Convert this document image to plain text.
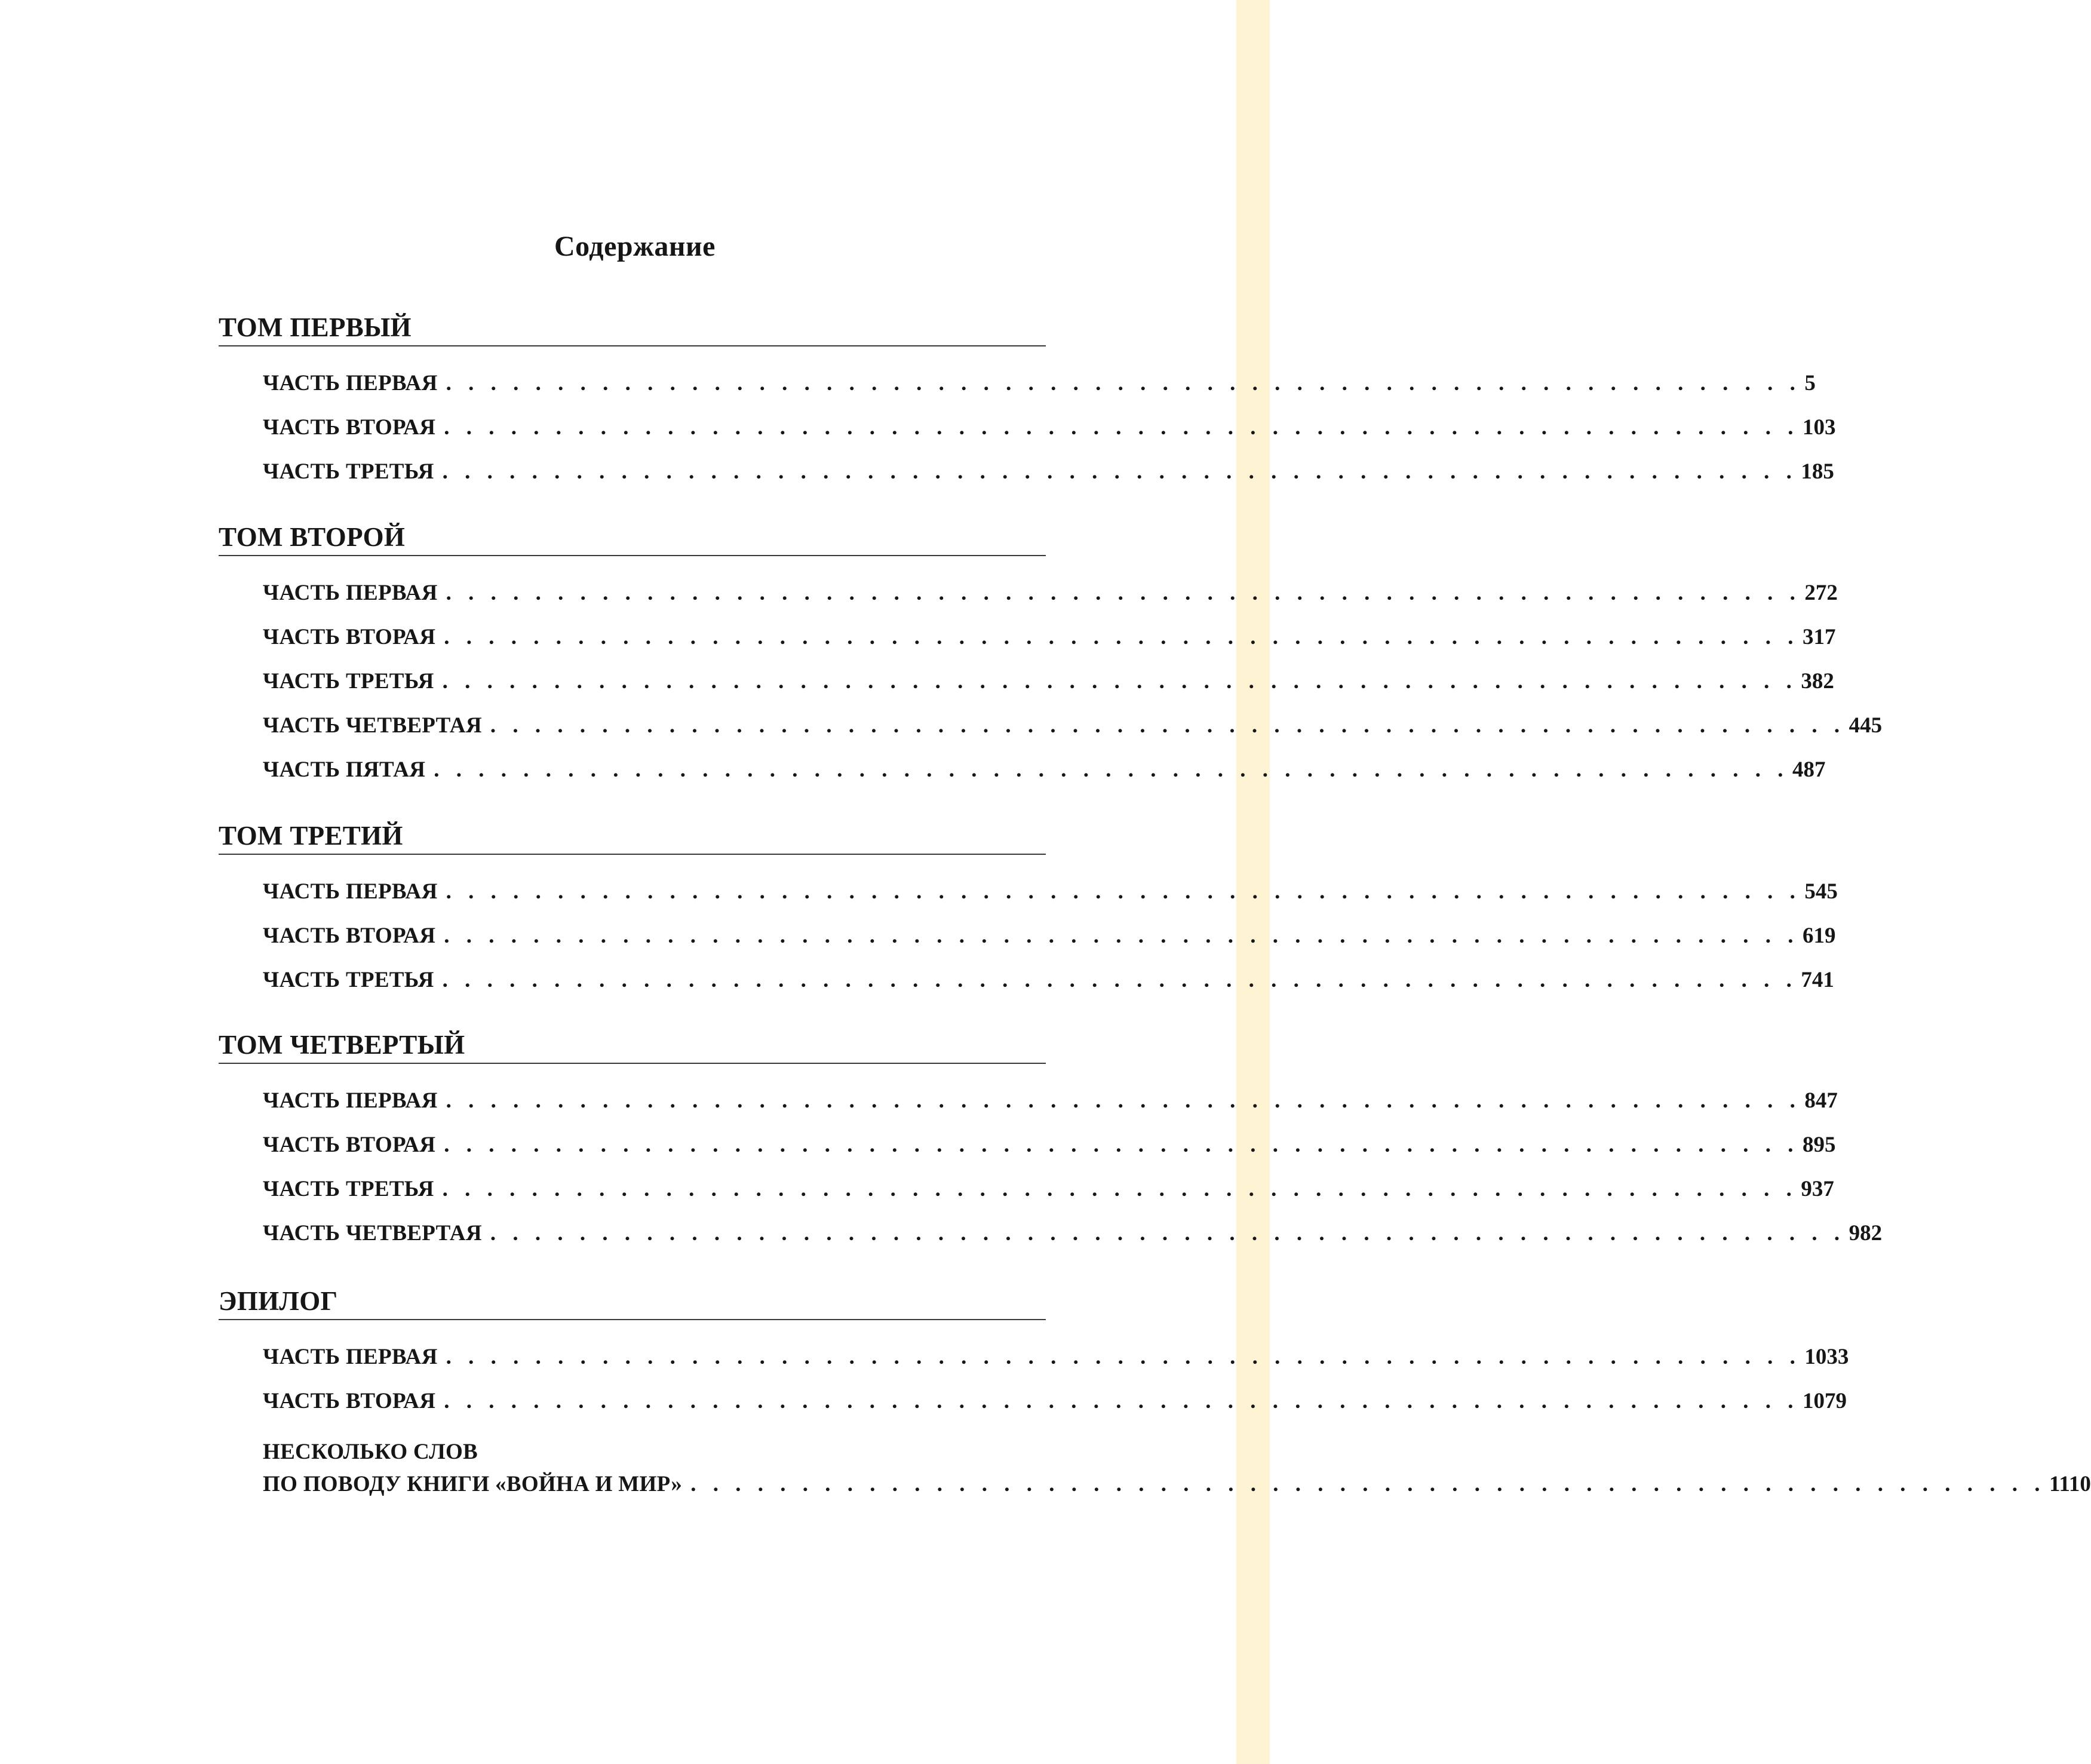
Содержание
ТОМ ПЕРВЫЙ
ЧАСТЬ ПЕРВАЯ . . . . . . . . . . . . . . . . . . . . . . . . . . . . . . . . . . . . . . . . . . . . . . . . . . . . . . . . . . . . . 5
ЧАСТЬ ВТОРАЯ . . . . . . . . . . . . . . . . . . . . . . . . . . . . . . . . . . . . . . . . . . . . . . . . . . . . . . . . . . . . . 103
ЧАСТЬ ТРЕТЬЯ . . . . . . . . . . . . . . . . . . . . . . . . . . . . . . . . . . . . . . . . . . . . . . . . . . . . . . . . . . . . . 185
ТОМ ВТОРОЙ
ЧАСТЬ ПЕРВАЯ . . . . . . . . . . . . . . . . . . . . . . . . . . . . . . . . . . . . . . . . . . . . . . . . . . . . . . . . . . . . . 272
ЧАСТЬ ВТОРАЯ . . . . . . . . . . . . . . . . . . . . . . . . . . . . . . . . . . . . . . . . . . . . . . . . . . . . . . . . . . . . . 317
ЧАСТЬ ТРЕТЬЯ . . . . . . . . . . . . . . . . . . . . . . . . . . . . . . . . . . . . . . . . . . . . . . . . . . . . . . . . . . . . . 382
ЧАСТЬ ЧЕТВЕРТАЯ . . . . . . . . . . . . . . . . . . . . . . . . . . . . . . . . . . . . . . . . . . . . . . . . . . . . . . . . . . . . . 445
ЧАСТЬ ПЯТАЯ . . . . . . . . . . . . . . . . . . . . . . . . . . . . . . . . . . . . . . . . . . . . . . . . . . . . . . . . . . . . . 487
ТОМ ТРЕТИЙ
ЧАСТЬ ПЕРВАЯ . . . . . . . . . . . . . . . . . . . . . . . . . . . . . . . . . . . . . . . . . . . . . . . . . . . . . . . . . . . . . 545
ЧАСТЬ ВТОРАЯ . . . . . . . . . . . . . . . . . . . . . . . . . . . . . . . . . . . . . . . . . . . . . . . . . . . . . . . . . . . . . 619
ЧАСТЬ ТРЕТЬЯ . . . . . . . . . . . . . . . . . . . . . . . . . . . . . . . . . . . . . . . . . . . . . . . . . . . . . . . . . . . . . 741
ТОМ ЧЕТВЕРТЫЙ
ЧАСТЬ ПЕРВАЯ . . . . . . . . . . . . . . . . . . . . . . . . . . . . . . . . . . . . . . . . . . . . . . . . . . . . . . . . . . . . . 847
ЧАСТЬ ВТОРАЯ . . . . . . . . . . . . . . . . . . . . . . . . . . . . . . . . . . . . . . . . . . . . . . . . . . . . . . . . . . . . . 895
ЧАСТЬ ТРЕТЬЯ . . . . . . . . . . . . . . . . . . . . . . . . . . . . . . . . . . . . . . . . . . . . . . . . . . . . . . . . . . . . . 937
ЧАСТЬ ЧЕТВЕРТАЯ . . . . . . . . . . . . . . . . . . . . . . . . . . . . . . . . . . . . . . . . . . . . . . . . . . . . . . . . . . . . . 982
ЭПИЛОГ
ЧАСТЬ ПЕРВАЯ . . . . . . . . . . . . . . . . . . . . . . . . . . . . . . . . . . . . . . . . . . . . . . . . . . . . . . . . . . . . . 1033
ЧАСТЬ ВТОРАЯ . . . . . . . . . . . . . . . . . . . . . . . . . . . . . . . . . . . . . . . . . . . . . . . . . . . . . . . . . . . . . 1079
НЕСКОЛЬКО СЛОВ
ПО ПОВОДУ КНИГИ «ВОЙНА И МИР» . . . . . . . . . . . . . . . . . . . . . . . . . . . . . . . . . . . . . . . . . . . . . . . . . . . . . . . . . . . . . 1110
